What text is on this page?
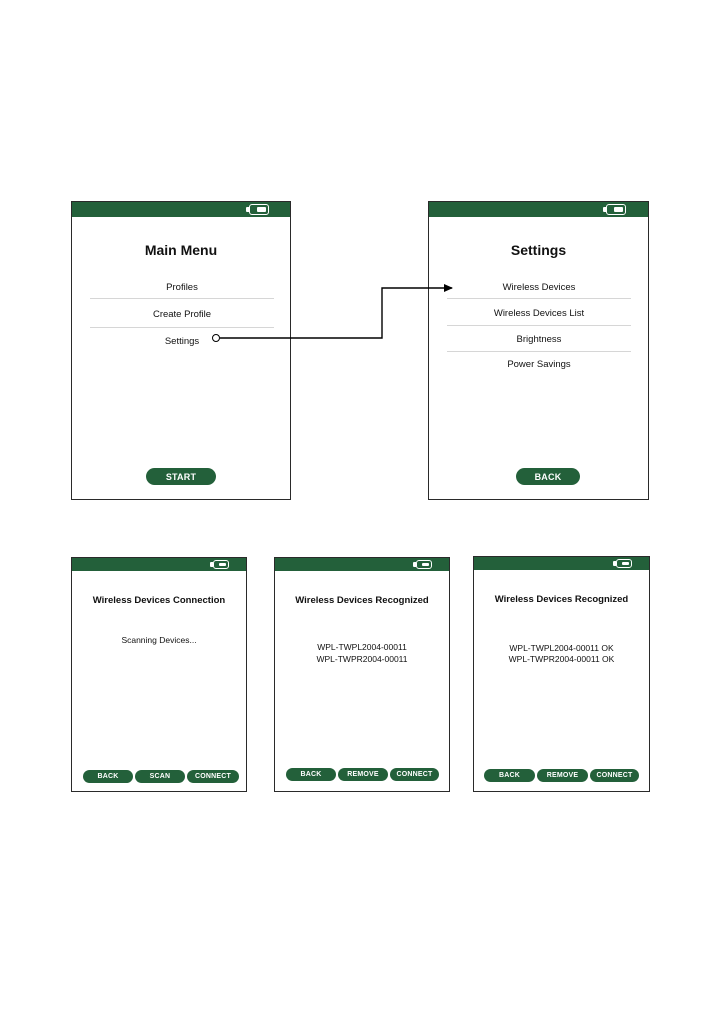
Main Menu
Profiles
Create Profile
Settings
START
Settings
Wireless Devices
Wireless Devices List
Brightness
Power Savings
BACK
Wireless Devices Connection
Scanning Devices...
BACK	SCAN	CONNECT
Wireless Devices Recognized
WPL-TWPL2004-00011
WPL-TWPR2004-00011
BACK	REMOVE	CONNECT
Wireless Devices Recognized
WPL-TWPL2004-00011 OK
WPL-TWPR2004-00011 OK
BACK	REMOVE	CONNECT
